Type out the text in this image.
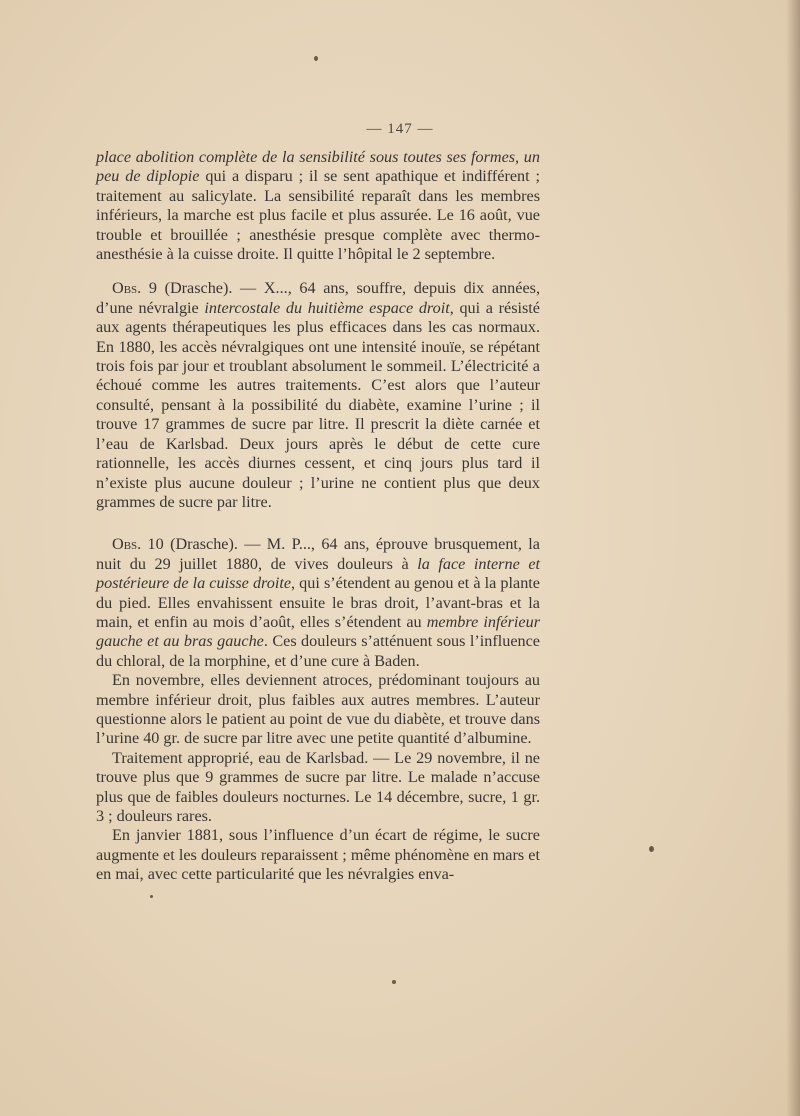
— 147 —

place abolition complète de la sensibilité sous toutes ses formes, un peu de diplopie qui a disparu ; il se sent apathique et indifférent ; traitement au salicylate. La sensibilité reparaît dans les membres inférieurs, la marche est plus facile et plus assurée. Le 16 août, vue trouble et brouillée ; anesthésie presque complète avec thermo-anesthésie à la cuisse droite. Il quitte l’hôpital le 2 septembre.

Obs. 9 (Drasche). — X..., 64 ans, souffre, depuis dix années, d’une névralgie intercostale du huitième espace droit, qui a résisté aux agents thérapeutiques les plus efficaces dans les cas normaux. En 1880, les accès névralgiques ont une intensité inouïe, se répétant trois fois par jour et troublant absolument le sommeil. L’électricité a échoué comme les autres traitements. C’est alors que l’auteur consulté, pensant à la possibilité du diabète, examine l’urine ; il trouve 17 grammes de sucre par litre. Il prescrit la diète carnée et l’eau de Karlsbad. Deux jours après le début de cette cure rationnelle, les accès diurnes cessent, et cinq jours plus tard il n’existe plus aucune douleur ; l’urine ne contient plus que deux grammes de sucre par litre.

Obs. 10 (Drasche). — M. P..., 64 ans, éprouve brusquement, la nuit du 29 juillet 1880, de vives douleurs à la face interne et postérieure de la cuisse droite, qui s’étendent au genou et à la plante du pied. Elles envahissent ensuite le bras droit, l’avant-bras et la main, et enfin au mois d’août, elles s’étendent au membre inférieur gauche et au bras gauche. Ces douleurs s’atténuent sous l’influence du chloral, de la morphine, et d’une cure à Baden.

En novembre, elles deviennent atroces, prédominant toujours au membre inférieur droit, plus faibles aux autres membres. L’auteur questionne alors le patient au point de vue du diabète, et trouve dans l’urine 40 gr. de sucre par litre avec une petite quantité d’albumine.

Traitement approprié, eau de Karlsbad. — Le 29 novembre, il ne trouve plus que 9 grammes de sucre par litre. Le malade n’accuse plus que de faibles douleurs nocturnes. Le 14 décembre, sucre, 1 gr. 3 ; douleurs rares.

En janvier 1881, sous l’influence d’un écart de régime, le sucre augmente et les douleurs reparaissent ; même phénomène en mars et en mai, avec cette particularité que les névralgies enva-
